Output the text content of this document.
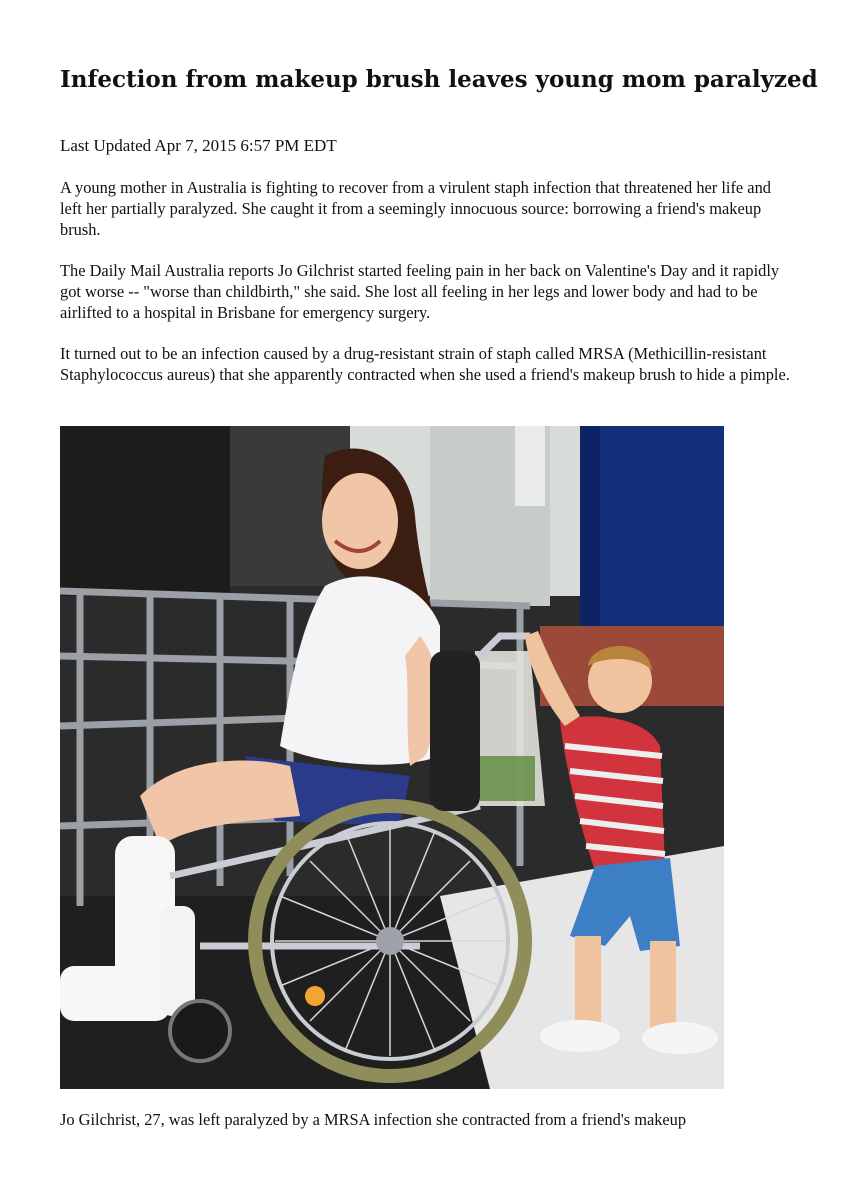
Infection from makeup brush leaves young mom paralyzed
Last Updated Apr 7, 2015 6:57 PM EDT

A young mother in Australia is fighting to recover from a virulent staph infection that threatened her life and left her partially paralyzed. She caught it from a seemingly innocuous source: borrowing a friend's makeup brush.

The Daily Mail Australia reports Jo Gilchrist started feeling pain in her back on Valentine's Day and it rapidly got worse -- "worse than childbirth," she said. She lost all feeling in her legs and lower body and had to be airlifted to a hospital in Brisbane for emergency surgery.

It turned out to be an infection caused by a drug-resistant strain of staph called MRSA (Methicillin-resistant Staphylococcus aureus) that she apparently contracted when she used a friend's makeup brush to hide a pimple.

Jo Gilchrist, 27, was left paralyzed by a MRSA infection she contracted from a friend's makeup
